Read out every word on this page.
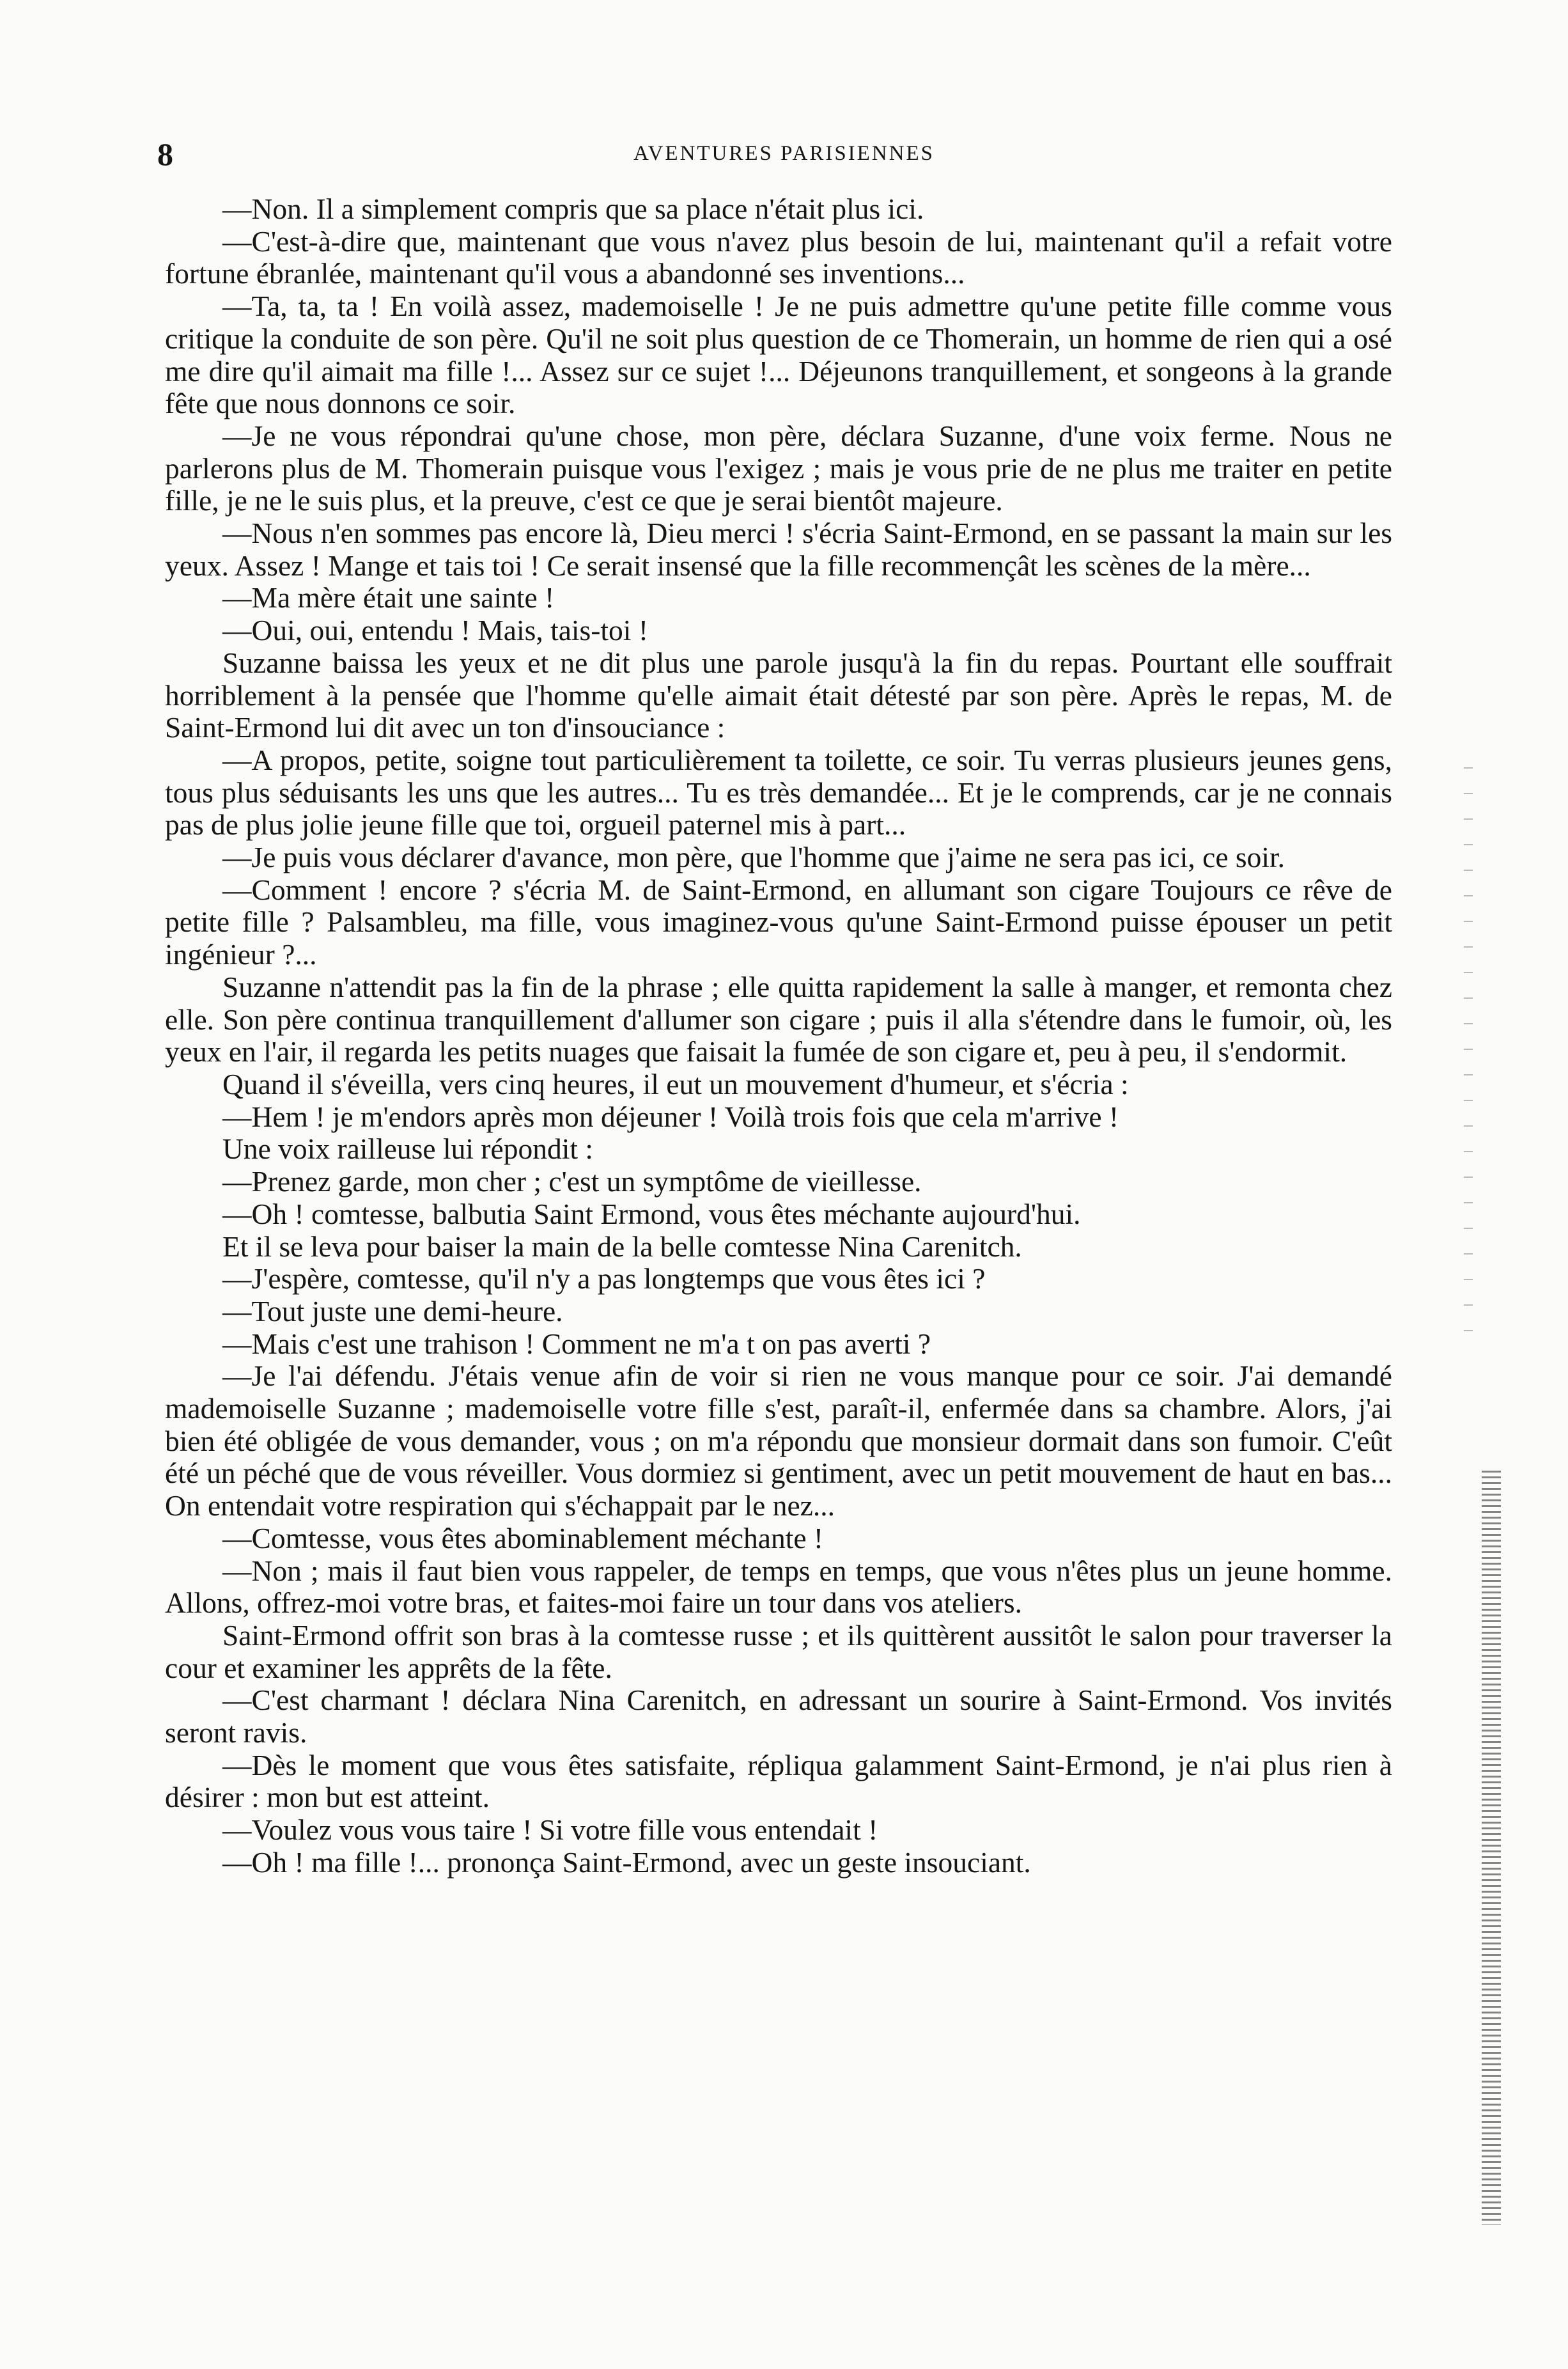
8	AVENTURES PARISIENNES

—Non. Il a simplement compris que sa place n'était plus ici.

—C'est-à-dire que, maintenant que vous n'avez plus besoin de lui, maintenant qu'il a refait votre fortune ébranlée, maintenant qu'il vous a abandonné ses inventions...

—Ta, ta, ta ! En voilà assez, mademoiselle ! Je ne puis admettre qu'une petite fille comme vous critique la conduite de son père. Qu'il ne soit plus question de ce Thomerain, un homme de rien qui a osé me dire qu'il aimait ma fille !... Assez sur ce sujet !... Déjeunons tranquillement, et songeons à la grande fête que nous donnons ce soir.

—Je ne vous répondrai qu'une chose, mon père, déclara Suzanne, d'une voix ferme. Nous ne parlerons plus de M. Thomerain puisque vous l'exigez ; mais je vous prie de ne plus me traiter en petite fille, je ne le suis plus, et la preuve, c'est ce que je serai bientôt majeure.

—Nous n'en sommes pas encore là, Dieu merci ! s'écria Saint-Ermond, en se passant la main sur les yeux. Assez ! Mange et tais toi ! Ce serait insensé que la fille recommençât les scènes de la mère...

—Ma mère était une sainte !

—Oui, oui, entendu ! Mais, tais-toi !

Suzanne baissa les yeux et ne dit plus une parole jusqu'à la fin du repas. Pourtant elle souffrait horriblement à la pensée que l'homme qu'elle aimait était détesté par son père. Après le repas, M. de Saint-Ermond lui dit avec un ton d'insouciance :

—A propos, petite, soigne tout particulièrement ta toilette, ce soir. Tu verras plusieurs jeunes gens, tous plus séduisants les uns que les autres... Tu es très demandée... Et je le comprends, car je ne connais pas de plus jolie jeune fille que toi, orgueil paternel mis à part...

—Je puis vous déclarer d'avance, mon père, que l'homme que j'aime ne sera pas ici, ce soir.

—Comment ! encore ? s'écria M. de Saint-Ermond, en allumant son cigare Toujours ce rêve de petite fille ? Palsambleu, ma fille, vous imaginez-vous qu'une Saint-Ermond puisse épouser un petit ingénieur ?...

Suzanne n'attendit pas la fin de la phrase ; elle quitta rapidement la salle à manger, et remonta chez elle. Son père continua tranquillement d'allumer son cigare ; puis il alla s'étendre dans le fumoir, où, les yeux en l'air, il regarda les petits nuages que faisait la fumée de son cigare et, peu à peu, il s'endormit.

Quand il s'éveilla, vers cinq heures, il eut un mouvement d'humeur, et s'écria :

—Hem ! je m'endors après mon déjeuner ! Voilà trois fois que cela m'arrive !

Une voix railleuse lui répondit :

—Prenez garde, mon cher ; c'est un symptôme de vieillesse.

—Oh ! comtesse, balbutia Saint Ermond, vous êtes méchante aujourd'hui.

Et il se leva pour baiser la main de la belle comtesse Nina Carenitch.

—J'espère, comtesse, qu'il n'y a pas longtemps que vous êtes ici ?

—Tout juste une demi-heure.

—Mais c'est une trahison ! Comment ne m'a t on pas averti ?

—Je l'ai défendu. J'étais venue afin de voir si rien ne vous manque pour ce soir. J'ai demandé mademoiselle Suzanne ; mademoiselle votre fille s'est, paraît-il, enfermée dans sa chambre. Alors, j'ai bien été obligée de vous demander, vous ; on m'a répondu que monsieur dormait dans son fumoir. C'eût été un péché que de vous réveiller. Vous dormiez si gentiment, avec un petit mouvement de haut en bas... On entendait votre respiration qui s'échappait par le nez...

—Comtesse, vous êtes abominablement méchante !

—Non ; mais il faut bien vous rappeler, de temps en temps, que vous n'êtes plus un jeune homme. Allons, offrez-moi votre bras, et faites-moi faire un tour dans vos ateliers.

Saint-Ermond offrit son bras à la comtesse russe ; et ils quittèrent aussitôt le salon pour traverser la cour et examiner les apprêts de la fête.

—C'est charmant ! déclara Nina Carenitch, en adressant un sourire à Saint-Ermond. Vos invités seront ravis.

—Dès le moment que vous êtes satisfaite, répliqua galamment Saint-Ermond, je n'ai plus rien à désirer : mon but est atteint.

—Voulez vous vous taire ! Si votre fille vous entendait !

—Oh ! ma fille !... prononça Saint-Ermond, avec un geste insouciant.
